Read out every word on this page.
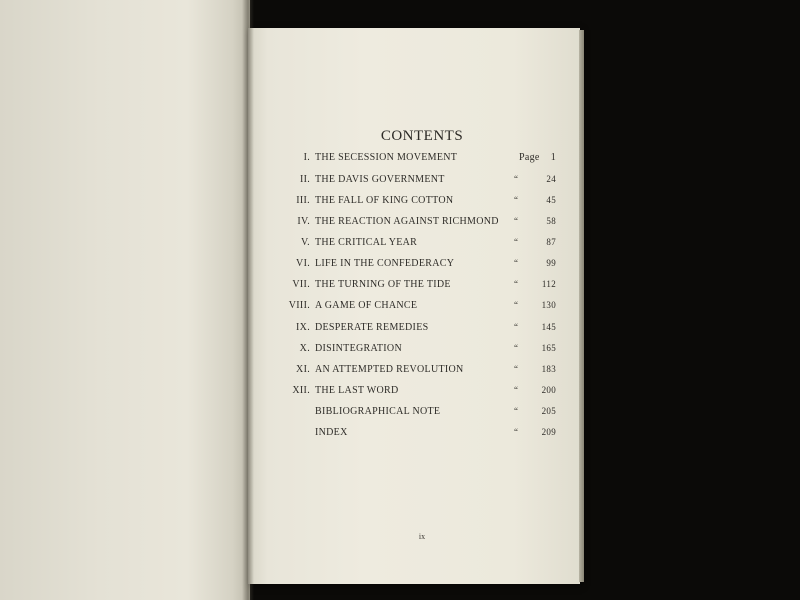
CONTENTS
I. THE SECESSION MOVEMENT	Page 1
II. THE DAVIS GOVERNMENT	“	24
III. THE FALL OF KING COTTON	“	45
IV. THE REACTION AGAINST RICHMOND “	58
V. THE CRITICAL YEAR	“	87
VI. LIFE IN THE CONFEDERACY	“	99
VII. THE TURNING OF THE TIDE	“	112
VIII. A GAME OF CHANCE	“	130
IX. DESPERATE REMEDIES	“	145
X. DISINTEGRATION	“	165
XI. AN ATTEMPTED REVOLUTION	“	183
XII. THE LAST WORD	“	200
BIBLIOGRAPHICAL NOTE	“	205
INDEX	“	209
ix
